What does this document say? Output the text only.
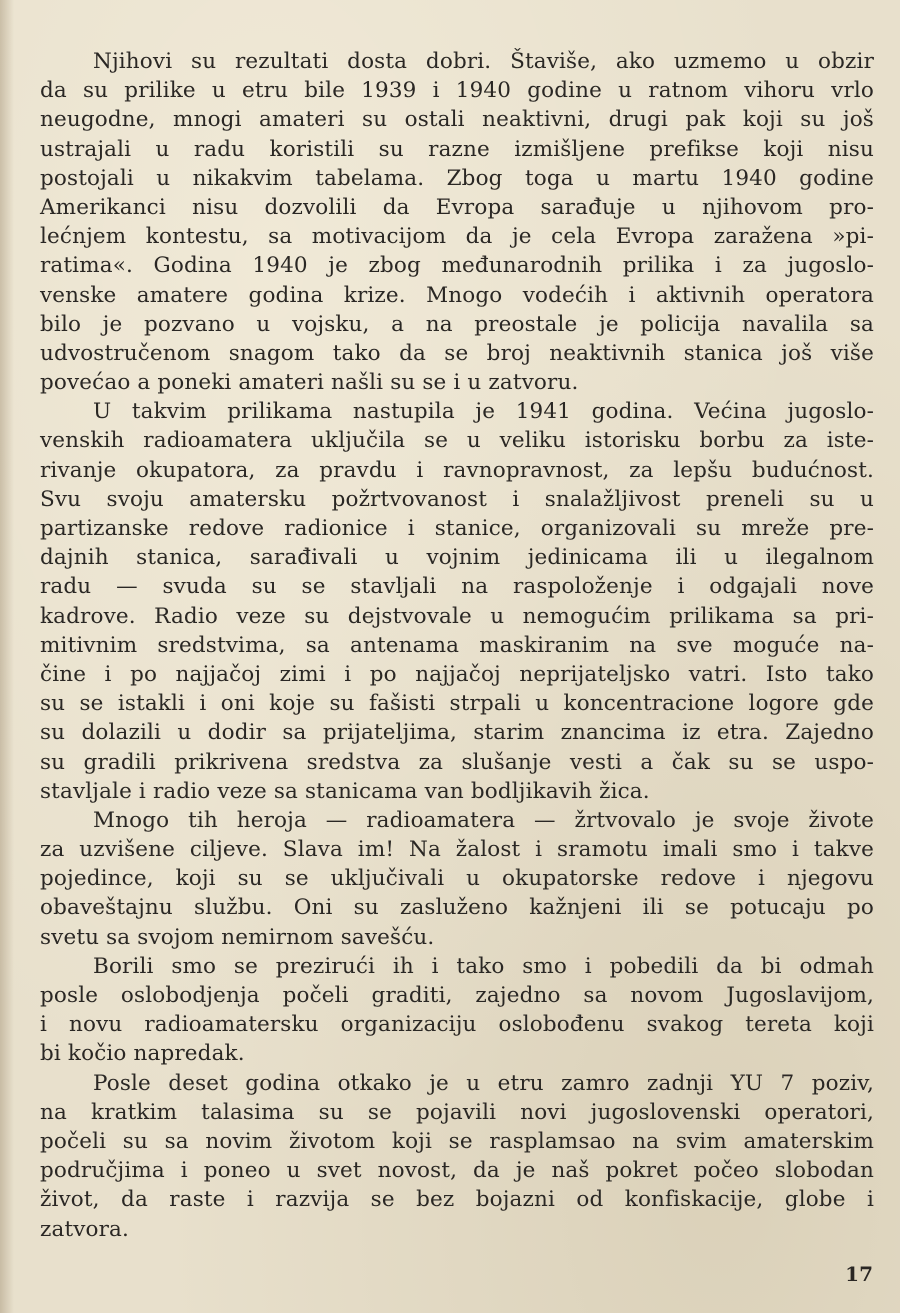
Njihovi su rezultati dosta dobri. Štaviše, ako uzmemo u obzir
da su prilike u etru bile 1939 i 1940 godine u ratnom vihoru vrlo
neugodne, mnogi amateri su ostali neaktivni, drugi pak koji su još
ustrajali u radu koristili su razne izmišljene prefikse koji nisu
postojali u nikakvim tabelama. Zbog toga u martu 1940 godine
Amerikanci nisu dozvolili da Evropa sarađuje u njihovom pro-
lećnjem kontestu, sa motivacijom da je cela Evropa zaražena »pi-
ratima«. Godina 1940 je zbog međunarodnih prilika i za jugoslo-
venske amatere godina krize. Mnogo vodećih i aktivnih operatora
bilo je pozvano u vojsku, a na preostale je policija navalila sa
udvostručenom snagom tako da se broj neaktivnih stanica još više
povećao a poneki amateri našli su se i u zatvoru.
U takvim prilikama nastupila je 1941 godina. Većina jugoslo-
venskih radioamatera uključila se u veliku istorisku borbu za iste-
rivanje okupatora, za pravdu i ravnopravnost, za lepšu budućnost.
Svu svoju amatersku požrtvovanost i snalažljivost preneli su u
partizanske redove radionice i stanice, organizovali su mreže pre-
dajnih stanica, sarađivali u vojnim jedinicama ili u ilegalnom
radu — svuda su se stavljali na raspoloženje i odgajali nove
kadrove. Radio veze su dejstvovale u nemogućim prilikama sa pri-
mitivnim sredstvima, sa antenama maskiranim na sve moguće na-
čine i po najjačoj zimi i po najjačoj neprijateljsko vatri. Isto tako
su se istakli i oni koje su fašisti strpali u koncentracione logore gde
su dolazili u dodir sa prijateljima, starim znancima iz etra. Zajedno
su gradili prikrivena sredstva za slušanje vesti a čak su se uspo-
stavljale i radio veze sa stanicama van bodljikavih žica.
Mnogo tih heroja — radioamatera — žrtvovalo je svoje živote
za uzvišene ciljeve. Slava im! Na žalost i sramotu imali smo i takve
pojedince, koji su se uključivali u okupatorske redove i njegovu
obaveštajnu službu. Oni su zasluženo kažnjeni ili se potucaju po
svetu sa svojom nemirnom savešću.
Borili smo se prezirući ih i tako smo i pobedili da bi odmah
posle oslobodjenja počeli graditi, zajedno sa novom Jugoslavijom,
i novu radioamatersku organizaciju oslobođenu svakog tereta koji
bi kočio napredak.
Posle deset godina otkako je u etru zamro zadnji YU 7 poziv,
na kratkim talasima su se pojavili novi jugoslovenski operatori,
počeli su sa novim životom koji se rasplamsao na svim amaterskim
područjima i poneo u svet novost, da je naš pokret počeo slobodan
život, da raste i razvija se bez bojazni od konfiskacije, globe i
zatvora.
17
